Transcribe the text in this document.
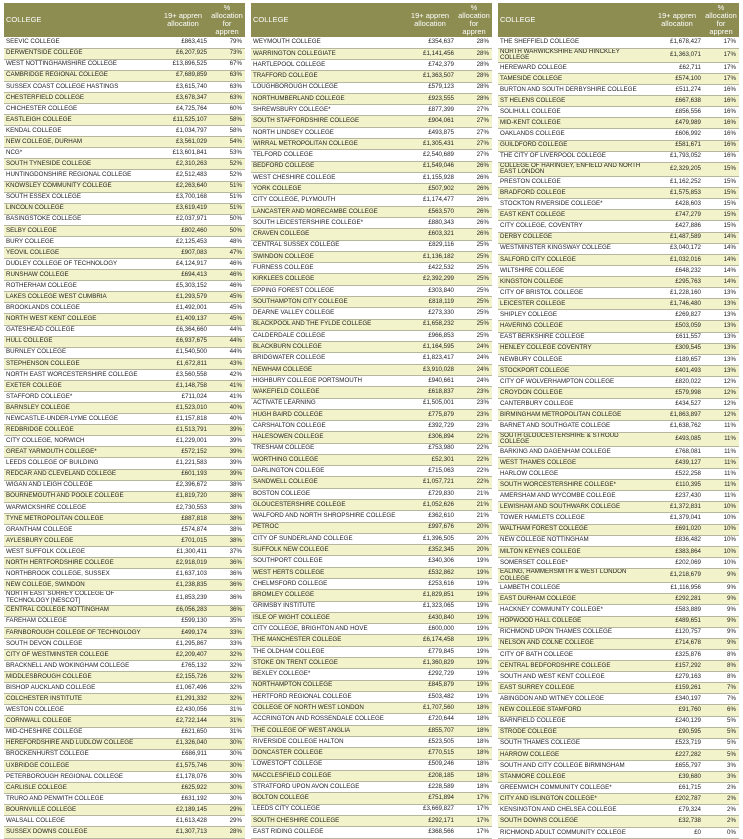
COLLEGE	19+ appren allocation	% allocation for appren
SEEVIC COLLEGE	£863,415	79%
DERWENTSIDE COLLEGE	£6,207,925	73%
WEST NOTTINGHAMSHIRE COLLEGE	£13,896,525	67%
CAMBRIDGE REGIONAL COLLEGE	£7,689,859	63%
SUSSEX COAST COLLEGE HASTINGS	£3,615,740	63%
CHESTERFIELD COLLEGE	£3,678,347	63%
CHICHESTER COLLEGE	£4,725,764	60%
EASTLEIGH COLLEGE	£11,525,107	58%
KENDAL COLLEGE	£1,034,797	58%
NEW COLLEGE, DURHAM	£3,561,029	54%
NCG*	£13,601,841	53%
SOUTH TYNESIDE COLLEGE	£2,310,263	52%
HUNTINGDONSHIRE REGIONAL COLLEGE	£2,512,483	52%
KNOWSLEY COMMUNITY COLLEGE	£2,263,640	51%
SOUTH ESSEX COLLEGE	£3,700,168	51%
LINCOLN COLLEGE	£3,619,419	51%
BASINGSTOKE COLLEGE	£2,037,971	50%
SELBY COLLEGE	£802,460	50%
BURY COLLEGE	£2,125,453	48%
YEOVIL COLLEGE	£907,083	47%
DUDLEY COLLEGE OF TECHNOLOGY	£4,124,917	46%
RUNSHAW COLLEGE	£694,413	46%
ROTHERHAM COLLEGE	£5,303,152	46%
LAKES COLLEGE WEST CUMBRIA	£1,293,579	45%
BROOKLANDS COLLEGE	£1,492,001	45%
NORTH WEST KENT COLLEGE	£1,409,137	45%
GATESHEAD COLLEGE	£6,364,660	44%
HULL COLLEGE	£6,937,675	44%
BURNLEY COLLEGE	£1,540,500	44%
STEPHENSON COLLEGE	£1,672,811	43%
NORTH EAST WORCESTERSHIRE COLLEGE	£3,560,558	42%
EXETER COLLEGE	£1,148,758	41%
STAFFORD COLLEGE*	£711,024	41%
BARNSLEY COLLEGE	£1,523,010	40%
NEWCASTLE-UNDER-LYME COLLEGE	£1,157,818	40%
REDBRIDGE COLLEGE	£1,513,791	39%
CITY COLLEGE, NORWICH	£1,229,001	39%
GREAT YARMOUTH COLLEGE*	£572,152	39%
LEEDS COLLEGE OF BUILDING	£1,221,583	39%
REDCAR AND CLEVELAND COLLEGE	£601,193	39%
WIGAN AND LEIGH COLLEGE	£2,396,672	38%
BOURNEMOUTH AND POOLE COLLEGE	£1,819,720	38%
WARWICKSHIRE COLLEGE	£2,730,553	38%
TYNE METROPOLITAN COLLEGE	£887,818	38%
GRANTHAM COLLEGE	£574,874	38%
AYLESBURY COLLEGE	£701,015	38%
WEST SUFFOLK COLLEGE	£1,300,411	37%
NORTH HERTFORDSHIRE COLLEGE	£2,918,019	36%
NORTHBROOK COLLEGE, SUSSEX	£1,637,103	36%
NEW COLLEGE, SWINDON	£1,238,835	36%
NORTH EAST SURREY COLLEGE OF TECHNOLOGY [NESCOT]	£1,853,239	36%
CENTRAL COLLEGE NOTTINGHAM	£6,056,283	36%
FAREHAM COLLEGE	£599,130	35%
FARNBOROUGH COLLEGE OF TECHNOLOGY	£499,174	33%
SOUTH DEVON COLLEGE	£1,295,867	33%
CITY OF WESTMINSTER COLLEGE	£2,209,407	32%
BRACKNELL AND WOKINGHAM COLLEGE	£765,132	32%
MIDDLESBROUGH COLLEGE	£2,155,726	32%
BISHOP AUCKLAND COLLEGE	£1,067,496	32%
COLCHESTER INSTITUTE	£1,291,332	32%
WESTON COLLEGE	£2,430,056	31%
CORNWALL COLLEGE	£2,722,144	31%
MID-CHESHIRE COLLEGE	£621,650	31%
HEREFORDSHIRE AND LUDLOW COLLEGE	£1,326,040	30%
BROCKENHURST COLLEGE	£686,911	30%
UXBRIDGE COLLEGE	£1,575,746	30%
PETERBOROUGH REGIONAL COLLEGE	£1,178,076	30%
CARLISLE COLLEGE	£625,922	30%
TRURO AND PENWITH COLLEGE	£631,192	30%
BOURNVILLE COLLEGE	£2,189,145	29%
WALSALL COLLEGE	£1,613,428	29%
SUSSEX DOWNS COLLEGE	£1,307,713	28%
COLLEGE	19+ appren allocation	% allocation for appren
WEYMOUTH COLLEGE	£354,637	28%
WARRINGTON COLLEGIATE	£1,141,456	28%
HARTLEPOOL COLLEGE	£742,379	28%
TRAFFORD COLLEGE	£1,363,507	28%
LOUGHBOROUGH COLLEGE	£579,123	28%
NORTHUMBERLAND COLLEGE	£923,555	28%
SHREWSBURY COLLEGE*	£877,399	27%
SOUTH STAFFORDSHIRE COLLEGE	£904,061	27%
NORTH LINDSEY COLLEGE	£493,875	27%
WIRRAL METROPOLITAN COLLEGE	£1,305,431	27%
TELFORD COLLEGE	£2,540,689	27%
BEDFORD COLLEGE	£1,549,046	26%
WEST CHESHIRE COLLEGE	£1,155,928	26%
YORK COLLEGE	£507,902	26%
CITY COLLEGE, PLYMOUTH	£1,174,477	26%
LANCASTER AND MORECAMBE COLLEGE	£563,570	26%
SOUTH LEICESTERSHIRE COLLEGE*	£880,343	26%
CRAVEN COLLEGE	£603,321	26%
CENTRAL SUSSEX COLLEGE	£829,116	25%
SWINDON COLLEGE	£1,136,182	25%
FURNESS COLLEGE	£422,532	25%
KIRKLEES COLLEGE	£2,392,299	25%
EPPING FOREST COLLEGE	£303,840	25%
SOUTHAMPTON CITY COLLEGE	£818,119	25%
DEARNE VALLEY COLLEGE	£273,330	25%
BLACKPOOL AND THE FYLDE COLLEGE	£1,658,232	25%
CALDERDALE COLLEGE	£966,853	25%
BLACKBURN COLLEGE	£1,164,595	24%
BRIDGWATER COLLEGE	£1,823,417	24%
NEWHAM COLLEGE	£3,910,028	24%
HIGHBURY COLLEGE PORTSMOUTH	£940,661	24%
WAKEFIELD COLLEGE	£618,837	23%
ACTIVATE LEARNING	£1,505,001	23%
HUGH BAIRD COLLEGE	£775,879	23%
CARSHALTON COLLEGE	£392,729	23%
HALESOWEN COLLEGE	£306,894	22%
TRESHAM COLLEGE	£753,980	22%
WORTHING COLLEGE	£52,301	22%
DARLINGTON COLLEGE	£715,063	22%
SANDWELL COLLEGE	£1,057,721	22%
BOSTON COLLEGE	£729,830	21%
GLOUCESTERSHIRE COLLEGE	£1,052,626	21%
WALFORD AND NORTH SHROPSHIRE COLLEGE	£362,610	21%
PETROC	£997,676	20%
CITY OF SUNDERLAND COLLEGE	£1,396,505	20%
SUFFOLK NEW COLLEGE	£352,345	20%
SOUTHPORT COLLEGE	£340,306	19%
WEST HERTS COLLEGE	£532,862	19%
CHELMSFORD COLLEGE	£253,616	19%
BROMLEY COLLEGE	£1,829,851	19%
GRIMSBY INSTITUTE	£1,323,065	19%
ISLE OF WIGHT COLLEGE	£430,840	19%
CITY COLLEGE, BRIGHTON AND HOVE	£600,000	19%
THE MANCHESTER COLLEGE	£6,174,458	19%
THE OLDHAM COLLEGE	£779,845	19%
STOKE ON TRENT COLLEGE	£1,360,829	19%
BEXLEY COLLEGE*	£292,729	19%
NORTHAMPTON COLLEGE	£845,879	19%
HERTFORD REGIONAL COLLEGE	£503,482	19%
COLLEGE OF NORTH WEST LONDON	£1,707,560	18%
ACCRINGTON AND ROSSENDALE COLLEGE	£720,644	18%
THE COLLEGE OF WEST ANGLIA	£855,707	18%
RIVERSIDE COLLEGE HALTON	£523,505	18%
DONCASTER COLLEGE	£770,515	18%
LOWESTOFT COLLEGE	£509,246	18%
MACCLESFIELD COLLEGE	£208,185	18%
STRATFORD UPON AVON COLLEGE	£228,589	18%
BOLTON COLLEGE	£751,894	17%
LEEDS CITY COLLEGE	£3,669,827	17%
SOUTH CHESHIRE COLLEGE	£292,171	17%
EAST RIDING COLLEGE	£368,566	17%
COLLEGE	19+ appren allocation	% allocation for appren
THE SHEFFIELD COLLEGE	£1,678,427	17%
NORTH WARWICKSHIRE AND HINCKLEY COLLEGE	£1,363,071	17%
HEREWARD COLLEGE	£62,711	17%
TAMESIDE COLLEGE	£574,100	17%
BURTON AND SOUTH DERBYSHIRE COLLEGE	£511,274	16%
ST HELENS COLLEGE	£667,638	16%
SOLIHULL COLLEGE	£856,556	16%
MID-KENT COLLEGE	£479,989	16%
OAKLANDS COLLEGE	£606,992	16%
GUILDFORD COLLEGE	£581,671	16%
THE CITY OF LIVERPOOL COLLEGE	£1,793,052	16%
COLLEGE OF HARINGEY, ENFIELD AND NORTH EAST LONDON	£2,329,205	15%
PRESTON COLLEGE	£1,162,252	15%
BRADFORD COLLEGE	£1,575,853	15%
STOCKTON RIVERSIDE COLLEGE*	£428,603	15%
EAST KENT COLLEGE	£747,279	15%
CITY COLLEGE, COVENTRY	£427,886	15%
DERBY COLLEGE	£1,487,589	14%
WESTMINSTER KINGSWAY COLLEGE	£3,040,172	14%
SALFORD CITY COLLEGE	£1,032,016	14%
WILTSHIRE COLLEGE	£648,232	14%
KINGSTON COLLEGE	£295,763	14%
CITY OF BRISTOL COLLEGE	£1,228,160	13%
LEICESTER COLLEGE	£1,746,480	13%
SHIPLEY COLLEGE	£269,827	13%
HAVERING COLLEGE	£503,059	13%
EAST BERKSHIRE COLLEGE	£611,557	13%
HENLEY COLLEGE COVENTRY	£309,545	13%
NEWBURY COLLEGE	£189,657	13%
STOCKPORT COLLEGE	£401,493	13%
CITY OF WOLVERHAMPTON COLLEGE	£820,022	12%
CROYDON COLLEGE	£579,998	12%
CANTERBURY COLLEGE	£434,527	12%
BIRMINGHAM METROPOLITAN COLLEGE	£1,863,897	12%
BARNET AND SOUTHGATE COLLEGE	£1,638,762	11%
SOUTH GLOUCESTERSHIRE & STROUD COLLEGE	£493,085	11%
BARKING AND DAGENHAM COLLEGE	£768,081	11%
WEST THAMES COLLEGE	£439,127	11%
HARLOW COLLEGE	£522,258	11%
SOUTH WORCESTERSHIRE COLLEGE*	£110,395	11%
AMERSHAM AND WYCOMBE COLLEGE	£237,430	11%
LEWISHAM AND SOUTHWARK COLLEGE	£1,372,831	10%
TOWER HAMLETS COLLEGE	£1,379,041	10%
WALTHAM FOREST COLLEGE	£691,020	10%
NEW COLLEGE NOTTINGHAM	£836,482	10%
MILTON KEYNES COLLEGE	£383,864	10%
SOMERSET COLLEGE*	£202,069	10%
EALING, HAMMERSMITH & WEST LONDON COLLEGE	£1,218,679	9%
LAMBETH COLLEGE	£1,116,956	9%
EAST DURHAM COLLEGE	£292,281	9%
HACKNEY COMMUNITY COLLEGE*	£583,889	9%
HOPWOOD HALL COLLEGE	£489,651	9%
RICHMOND UPON THAMES COLLEGE	£120,757	9%
NELSON AND COLNE COLLEGE	£714,678	9%
CITY OF BATH COLLEGE	£325,876	8%
CENTRAL BEDFORDSHIRE COLLEGE	£157,292	8%
SOUTH AND WEST KENT COLLEGE	£279,163	8%
EAST SURREY COLLEGE	£159,261	7%
ABINGDON AND WITNEY COLLEGE	£340,197	7%
NEW COLLEGE STAMFORD	£91,760	6%
BARNFIELD COLLEGE	£240,129	5%
STRODE COLLEGE	£90,595	5%
SOUTH THAMES COLLEGE	£523,719	5%
HARROW COLLEGE	£227,282	5%
SOUTH AND CITY COLLEGE BIRMINGHAM	£655,797	3%
STANMORE COLLEGE	£39,680	3%
GREENWICH COMMUNITY COLLEGE*	£61,715	2%
CITY AND ISLINGTON COLLEGE*	£202,787	2%
KENSINGTON AND CHELSEA COLLEGE	£79,324	2%
SOUTH DOWNS COLLEGE	£32,738	2%
RICHMOND ADULT COMMUNITY COLLEGE	£0	0%
